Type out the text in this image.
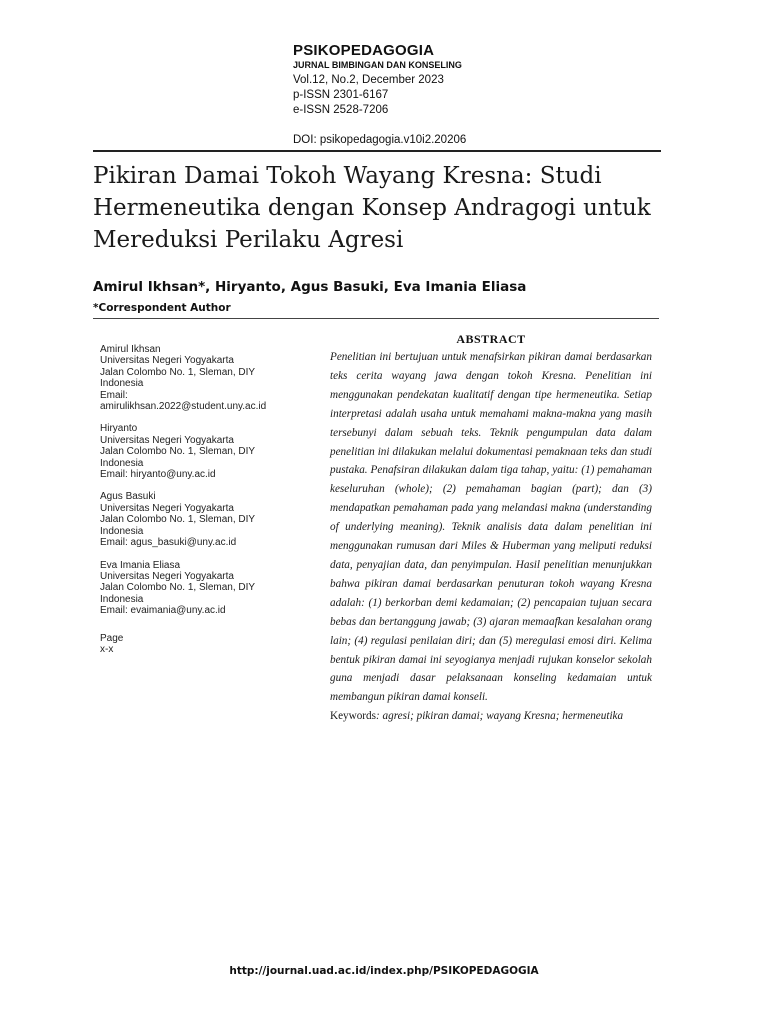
PSIKOPEDAGOGIA
JURNAL BIMBINGAN DAN KONSELING
Vol.12, No.2, December 2023
p-ISSN 2301-6167
e-ISSN 2528-7206
DOI: psikopedagogia.v10i2.20206
Pikiran Damai Tokoh Wayang Kresna: Studi
Hermeneutika dengan Konsep Andragogi untuk
Mereduksi Perilaku Agresi
Amirul Ikhsan*, Hiryanto, Agus Basuki, Eva Imania Eliasa
*Correspondent Author
Amirul Ikhsan
Universitas Negeri Yogyakarta
Jalan Colombo No. 1, Sleman, DIY
Indonesia
Email:
amirulikhsan.2022@student.uny.ac.id
Hiryanto
Universitas Negeri Yogyakarta
Jalan Colombo No. 1, Sleman, DIY
Indonesia
Email: hiryanto@uny.ac.id
Agus Basuki
Universitas Negeri Yogyakarta
Jalan Colombo No. 1, Sleman, DIY
Indonesia
Email: agus_basuki@uny.ac.id
Eva Imania Eliasa
Universitas Negeri Yogyakarta
Jalan Colombo No. 1, Sleman, DIY
Indonesia
Email: evaimania@uny.ac.id
Page
x-x
ABSTRACT
Penelitian ini bertujuan untuk menafsirkan pikiran damai berdasarkan teks cerita wayang jawa dengan tokoh Kresna. Penelitian ini menggunakan pendekatan kualitatif dengan tipe hermeneutika. Setiap interpretasi adalah usaha untuk memahami makna-makna yang masih tersebunyi dalam sebuah teks. Teknik pengumpulan data dalam penelitian ini dilakukan melalui dokumentasi pemaknaan teks dan studi pustaka. Penafsiran dilakukan dalam tiga tahap, yaitu: (1) pemahaman keseluruhan (whole); (2) pemahaman bagian (part); dan (3) mendapatkan pemahaman pada yang melandasi makna (understanding of underlying meaning). Teknik analisis data dalam penelitian ini menggunakan rumusan dari Miles & Huberman yang meliputi reduksi data, penyajian data, dan penyimpulan. Hasil penelitian menunjukkan bahwa pikiran damai berdasarkan penuturan tokoh wayang Kresna adalah: (1) berkorban demi kedamaian; (2) pencapaian tujuan secara bebas dan bertanggung jawab; (3) ajaran memaafkan kesalahan orang lain; (4) regulasi penilaian diri; dan (5) meregulasi emosi diri. Kelima bentuk pikiran damai ini seyogianya menjadi rujukan konselor sekolah guna menjadi dasar pelaksanaan konseling kedamaian untuk membangun pikiran damai konseli.
Keywords: agresi; pikiran damai; wayang Kresna; hermeneutika
http://journal.uad.ac.id/index.php/PSIKOPEDAGOGIA
